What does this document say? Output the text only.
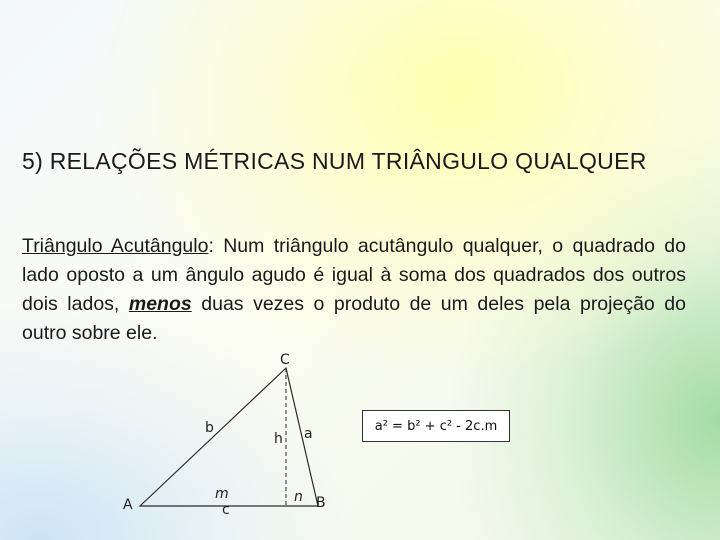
5) RELAÇÕES MÉTRICAS NUM TRIÂNGULO QUALQUER
Triângulo Acutângulo: Num triângulo acutângulo qualquer, o quadrado do lado oposto a um ângulo agudo é igual à soma dos quadrados dos outros dois lados, menos duas vezes o produto de um deles pela projeção do outro sobre ele.
C
A	B
b	a
h
m	n
c
a² = b² + c² - 2c.m
